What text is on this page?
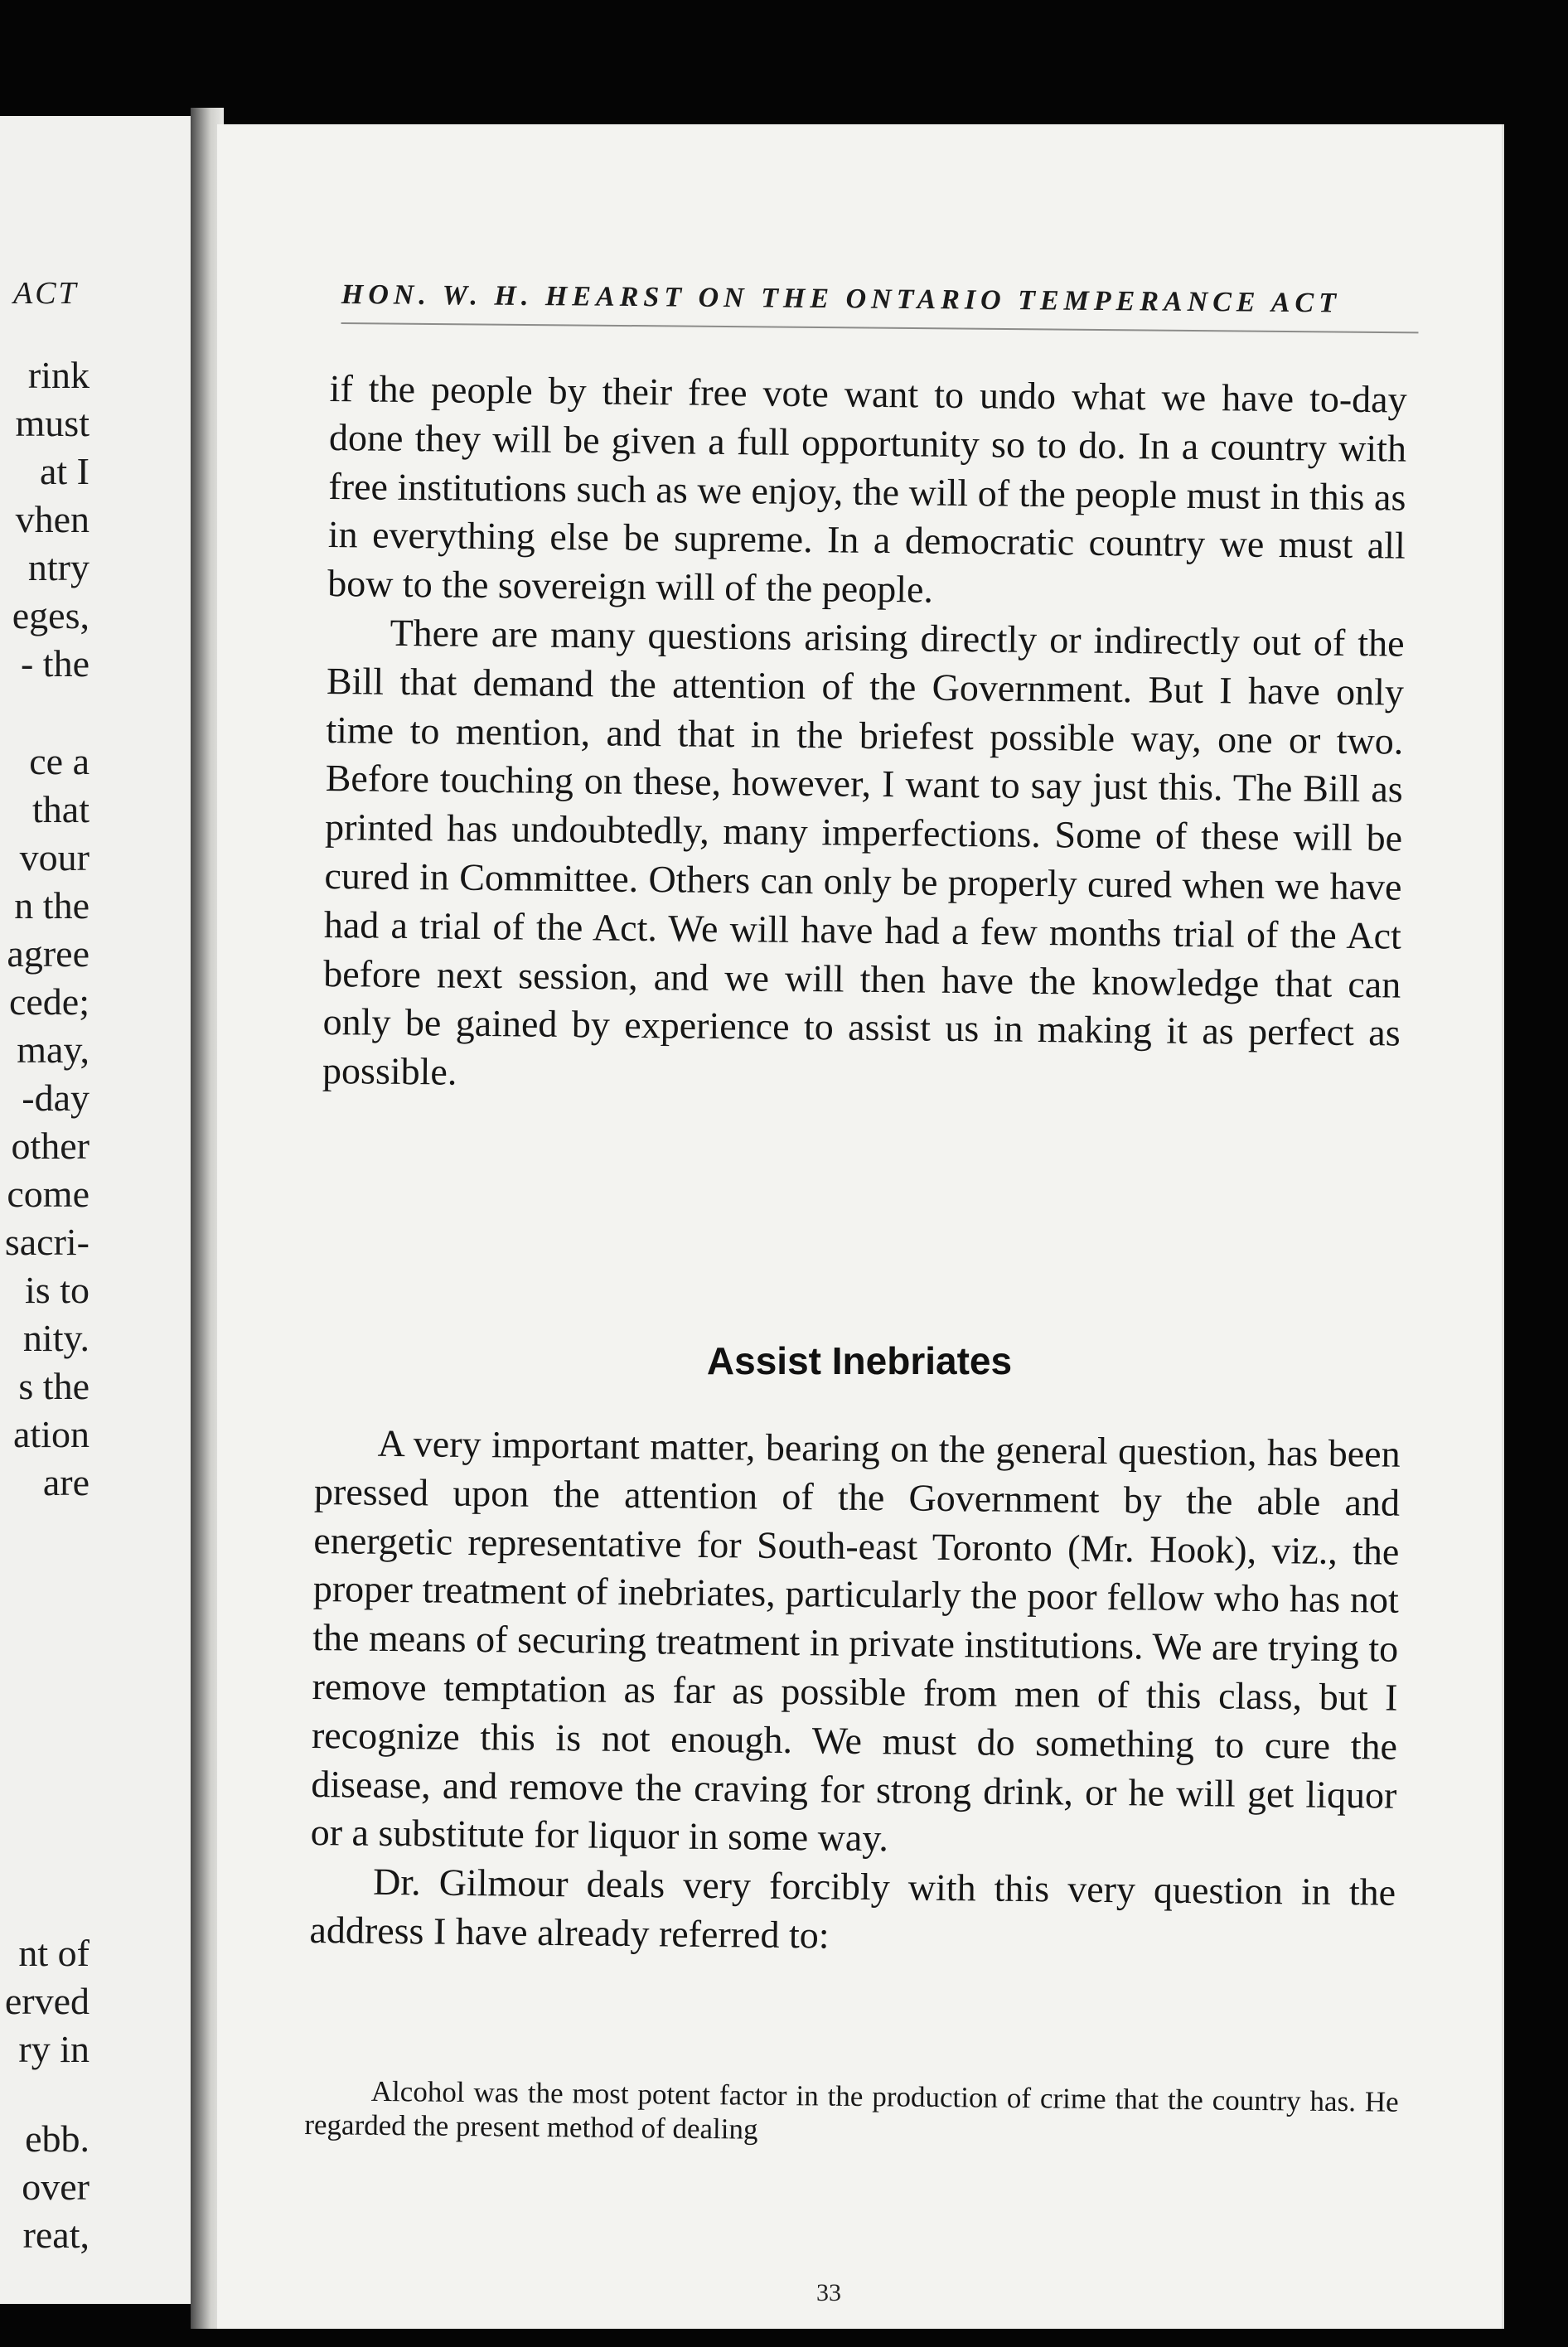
ACT
rink
must
at I
vhen
ntry
eges,
- the
ce a
that
vour
n the
agree
cede;
may,
-day
other
come
sacri-
is to
nity.
s the
ation
are
nt of
erved
ry in
ebb.
over
reat,
HON. W. H. HEARST ON THE ONTARIO TEMPERANCE ACT

if the people by their free vote want to undo what we have to-day done they will be given a full opportunity so to do. In a country with free institutions such as we enjoy, the will of the people must in this as in everything else be supreme. In a democratic country we must all bow to the sovereign will of the people.

There are many questions arising directly or indirectly out of the Bill that demand the attention of the Government. But I have only time to mention, and that in the briefest possible way, one or two. Before touching on these, however, I want to say just this. The Bill as printed has undoubtedly, many imperfections. Some of these will be cured in Committee. Others can only be properly cured when we have had a trial of the Act. We will have had a few months trial of the Act before next session, and we will then have the knowledge that can only be gained by experience to assist us in making it as perfect as possible.

Assist Inebriates

A very important matter, bearing on the general question, has been pressed upon the attention of the Government by the able and energetic representative for South-east Toronto (Mr. Hook), viz., the proper treatment of inebriates, particularly the poor fellow who has not the means of securing treatment in private institutions. We are trying to remove temptation as far as possible from men of this class, but I recognize this is not enough. We must do something to cure the disease, and remove the craving for strong drink, or he will get liquor or a substitute for liquor in some way.

Dr. Gilmour deals very forcibly with this very question in the address I have already referred to:

Alcohol was the most potent factor in the production of crime that the country has. He regarded the present method of dealing

33
